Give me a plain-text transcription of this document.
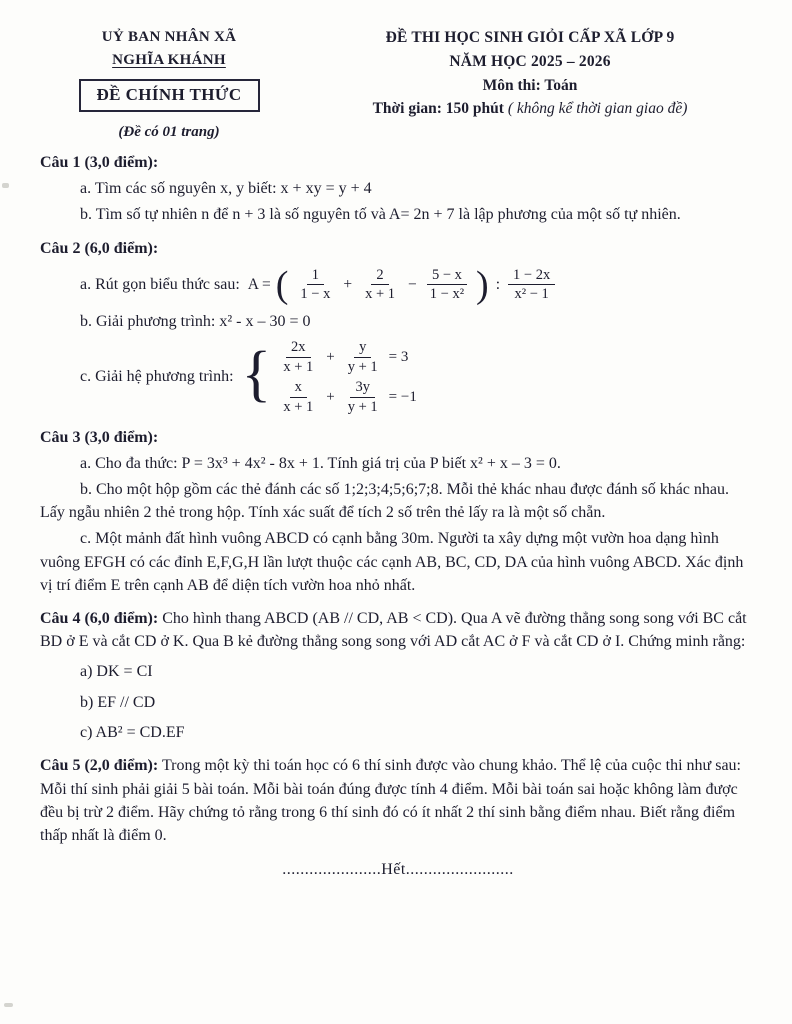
UỶ BAN NHÂN XÃ
NGHĨA KHÁNH
ĐỀ CHÍNH THỨC
(Đề có 01 trang)
ĐỀ THI HỌC SINH GIỎI CẤP XÃ LỚP 9
NĂM HỌC 2025 – 2026
Môn thi: Toán
Thời gian: 150 phút ( không kể thời gian giao đề)

Câu 1 (3,0 điểm):

a. Tìm các số nguyên x, y biết: x + xy = y + 4

b. Tìm số tự nhiên n để n + 3 là số nguyên tố và A= 2n + 7 là lập phương của một số tự nhiên.

Câu 2 (6,0 điểm):

a. Rút gọn biểu thức sau: A = ( $\frac{1}{1 - x} + \frac{2}{x + 1} - \frac{5 - x}{\text{1 − x²}}$ ) : $\frac{1 - 2x}{\text{x² − 1}}$

b. Giải phương trình: x² - x – 30 = 0

c. Giải hệ phương trình: { $\frac{2x}{x + 1} + \frac{y}{y + 1} = 3$
$\frac{x}{x + 1} + \frac{3y}{y + 1} = -1$

Câu 3 (3,0 điểm):

a. Cho đa thức: P = 3x³ + 4x² - 8x + 1. Tính giá trị của P biết x² + x – 3 = 0.

b. Cho một hộp gồm các thẻ đánh các số 1;2;3;4;5;6;7;8. Mỗi thẻ khác nhau được đánh số khác nhau. Lấy ngẫu nhiên 2 thẻ trong hộp. Tính xác suất để tích 2 số trên thẻ lấy ra là một số chẵn.

c. Một mảnh đất hình vuông ABCD có cạnh bằng 30m. Người ta xây dựng một vườn hoa dạng hình vuông EFGH có các đỉnh E,F,G,H lần lượt thuộc các cạnh AB, BC, CD, DA của hình vuông ABCD. Xác định vị trí điểm E trên cạnh AB để diện tích vườn hoa nhỏ nhất.

Câu 4 (6,0 điểm): Cho hình thang ABCD (AB // CD, AB < CD). Qua A vẽ đường thẳng song song với BC cắt BD ở E và cắt CD ở K. Qua B kẻ đường thẳng song song với AD cắt AC ở F và cắt CD ở I. Chứng minh rằng:

a) DK = CI

b) EF // CD

c) AB² = CD.EF

Câu 5 (2,0 điểm): Trong một kỳ thi toán học có 6 thí sinh được vào chung khảo. Thể lệ của cuộc thi như sau: Mỗi thí sinh phải giải 5 bài toán. Mỗi bài toán đúng được tính 4 điểm. Mỗi bài toán sai hoặc không làm được đều bị trừ 2 điểm. Hãy chứng tỏ rằng trong 6 thí sinh đó có ít nhất 2 thí sinh bằng điểm nhau. Biết rằng điểm thấp nhất là điểm 0.

......................Hết........................
